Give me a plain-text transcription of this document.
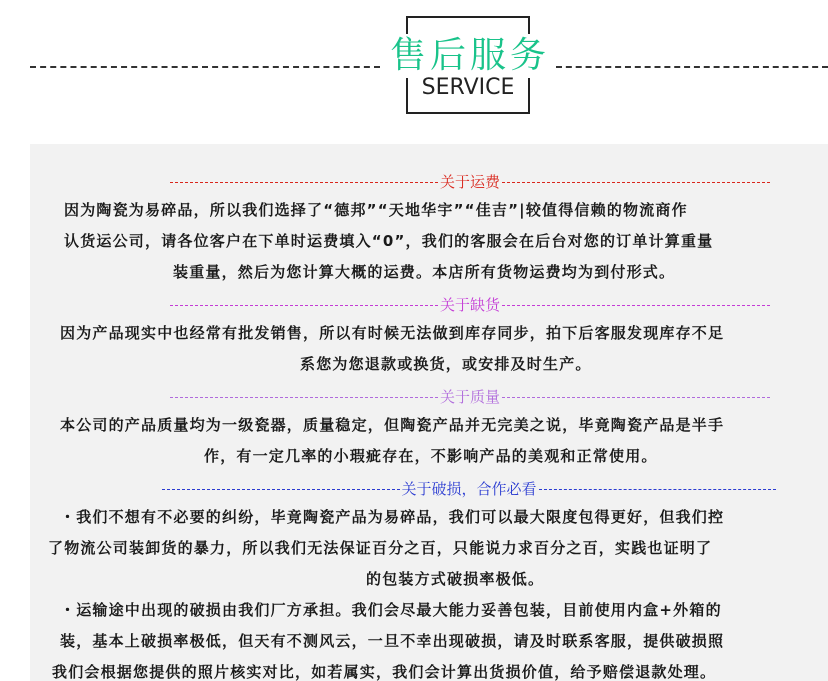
售后服务
SERVICE
关于运费
因为陶瓷为易碎品，所以我们选择了“德邦”“天地华宇”“佳吉”|较值得信赖的物流商作
认货运公司，请各位客户在下单时运费填入“0”，我们的客服会在后台对您的订单计算重量
装重量，然后为您计算大概的运费。本店所有货物运费均为到付形式。
关于缺货
因为产品现实中也经常有批发销售，所以有时候无法做到库存同步，拍下后客服发现库存不足
系您为您退款或换货，或安排及时生产。
关于质量
本公司的产品质量均为一级瓷器，质量稳定，但陶瓷产品并无完美之说，毕竟陶瓷产品是半手
作，有一定几率的小瑕疵存在，不影响产品的美观和正常使用。
关于破损，合作必看
・我们不想有不必要的纠纷，毕竟陶瓷产品为易碎品，我们可以最大限度包得更好，但我们控
了物流公司装卸货的暴力，所以我们无法保证百分之百，只能说力求百分之百，实践也证明了
的包装方式破损率极低。
・运输途中出现的破损由我们厂方承担。我们会尽最大能力妥善包装，目前使用内盒+外箱的
装，基本上破损率极低，但天有不测风云，一旦不幸出现破损，请及时联系客服，提供破损照
我们会根据您提供的照片核实对比，如若属实，我们会计算出货损价值，给予赔偿退款处理。
